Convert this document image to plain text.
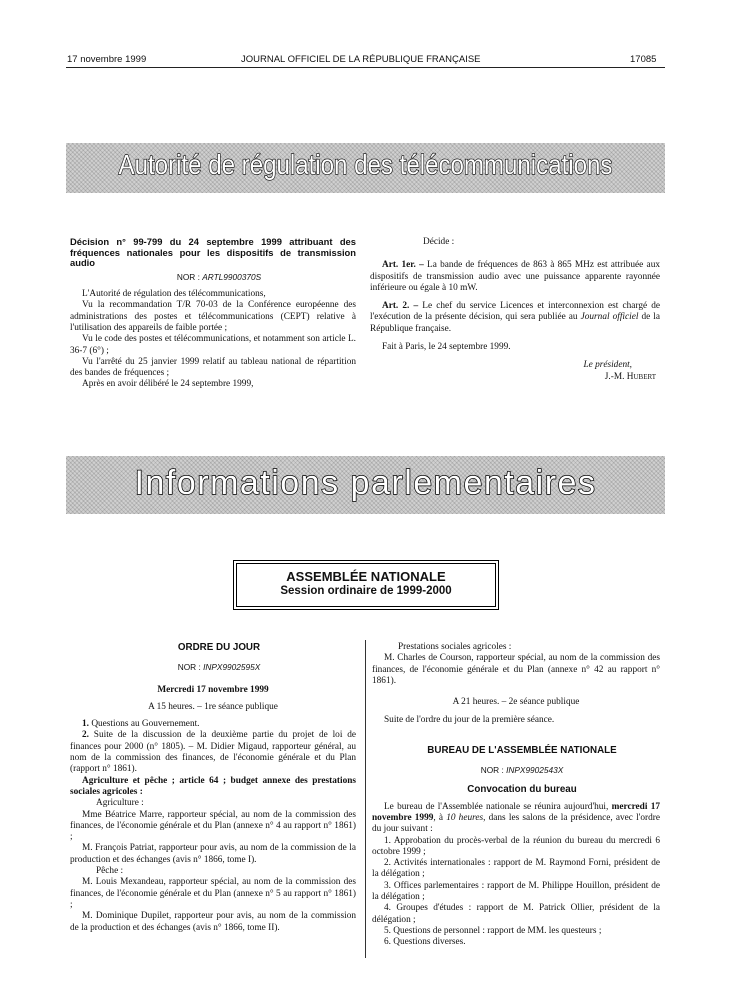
17 novembre 1999	JOURNAL OFFICIEL DE LA RÉPUBLIQUE FRANÇAISE	17085
Autorité de régulation des télécommunications

Décision n° 99-799 du 24 septembre 1999 attribuant des fréquences nationales pour les dispositifs de transmission audio

NOR : ARTL9900370S

L'Autorité de régulation des télécommunications,

Vu la recommandation T/R 70-03 de la Conférence européenne des administrations des postes et télécommunications (CEPT) relative à l'utilisation des appareils de faible portée ;

Vu le code des postes et télécommunications, et notamment son article L. 36-7 (6°) ;

Vu l'arrêté du 25 janvier 1999 relatif au tableau national de répartition des bandes de fréquences ;

Après en avoir délibéré le 24 septembre 1999,

Décide :

Art. 1er. – La bande de fréquences de 863 à 865 MHz est attribuée aux dispositifs de transmission audio avec une puissance apparente rayonnée inférieure ou égale à 10 mW.

Art. 2. – Le chef du service Licences et interconnexion est chargé de l'exécution de la présente décision, qui sera publiée au Journal officiel de la République française.

Fait à Paris, le 24 septembre 1999.

Le président,

J.-M. Hubert

Informations parlementaires
ASSEMBLÉE NATIONALE
Session ordinaire de 1999-2000

ORDRE DU JOUR

NOR : INPX9902595X

Mercredi 17 novembre 1999

A 15 heures. – 1re séance publique

1. Questions au Gouvernement.

2. Suite de la discussion de la deuxième partie du projet de loi de finances pour 2000 (n° 1805). – M. Didier Migaud, rapporteur général, au nom de la commission des finances, de l'économie générale et du Plan (rapport n° 1861).

Agriculture et pêche ; article 64 ; budget annexe des prestations sociales agricoles :

Agriculture :

Mme Béatrice Marre, rapporteur spécial, au nom de la commission des finances, de l'économie générale et du Plan (annexe n° 4 au rapport n° 1861) ;

M. François Patriat, rapporteur pour avis, au nom de la commission de la production et des échanges (avis n° 1866, tome I).

Pêche :

M. Louis Mexandeau, rapporteur spécial, au nom de la commission des finances, de l'économie générale et du Plan (annexe n° 5 au rapport n° 1861) ;

M. Dominique Dupilet, rapporteur pour avis, au nom de la commission de la production et des échanges (avis n° 1866, tome II).

Prestations sociales agricoles :

M. Charles de Courson, rapporteur spécial, au nom de la commission des finances, de l'économie générale et du Plan (annexe n° 42 au rapport n° 1861).

A 21 heures. – 2e séance publique

Suite de l'ordre du jour de la première séance.

BUREAU DE L'ASSEMBLÉE NATIONALE

NOR : INPX9902543X

Convocation du bureau

Le bureau de l'Assemblée nationale se réunira aujourd'hui, mercredi 17 novembre 1999, à 10 heures, dans les salons de la présidence, avec l'ordre du jour suivant :

1. Approbation du procès-verbal de la réunion du bureau du mercredi 6 octobre 1999 ;

2. Activités internationales : rapport de M. Raymond Forni, président de la délégation ;

3. Offices parlementaires : rapport de M. Philippe Houillon, président de la délégation ;

4. Groupes d'études : rapport de M. Patrick Ollier, président de la délégation ;

5. Questions de personnel : rapport de MM. les questeurs ;

6. Questions diverses.
